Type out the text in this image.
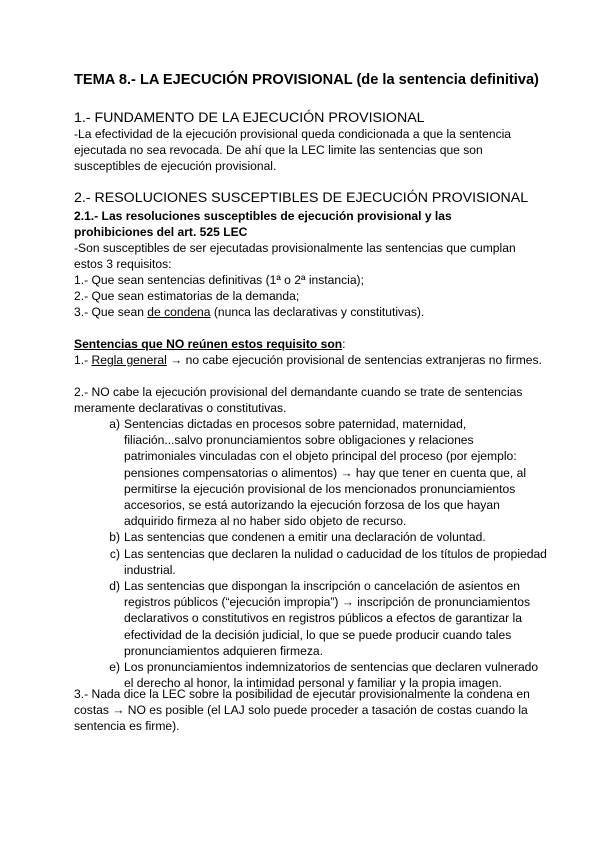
TEMA 8.- LA EJECUCIÓN PROVISIONAL (de la sentencia definitiva)
1.- FUNDAMENTO DE LA EJECUCIÓN PROVISIONAL
-La efectividad de la ejecución provisional queda condicionada a que la sentencia ejecutada no sea revocada. De ahí que la LEC limite las sentencias que son susceptibles de ejecución provisional.
2.- RESOLUCIONES SUSCEPTIBLES DE EJECUCIÓN PROVISIONAL
2.1.- Las resoluciones susceptibles de ejecución provisional y las prohibiciones del art. 525 LEC
-Son susceptibles de ser ejecutadas provisionalmente las sentencias que cumplan estos 3 requisitos:
1.- Que sean sentencias definitivas (1ª o 2ª instancia);
2.- Que sean estimatorias de la demanda;
3.- Que sean de condena (nunca las declarativas y constitutivas).
Sentencias que NO reúnen estos requisito son:
1.- Regla general → no cabe ejecución provisional de sentencias extranjeras no firmes.
2.- NO cabe la ejecución provisional del demandante cuando se trate de sentencias meramente declarativas o constitutivas.
a) Sentencias dictadas en procesos sobre paternidad, maternidad, filiación...salvo pronunciamientos sobre obligaciones y relaciones patrimoniales vinculadas con el objeto principal del proceso (por ejemplo: pensiones compensatorias o alimentos) → hay que tener en cuenta que, al permitirse la ejecución provisional de los mencionados pronunciamientos accesorios, se está autorizando la ejecución forzosa de los que hayan adquirido firmeza al no haber sido objeto de recurso.
b) Las sentencias que condenen a emitir una declaración de voluntad.
c) Las sentencias que declaren la nulidad o caducidad de los títulos de propiedad industrial.
d) Las sentencias que dispongan la inscripción o cancelación de asientos en registros públicos (“ejecución impropia”) → inscripción de pronunciamientos declarativos o constitutivos en registros públicos a efectos de garantizar la efectividad de la decisión judicial, lo que se puede producir cuando tales pronunciamientos adquieren firmeza.
e) Los pronunciamientos indemnizatorios de sentencias que declaren vulnerado el derecho al honor, la intimidad personal y familiar y la propia imagen.
3.- Nada dice la LEC sobre la posibilidad de ejecutar provisionalmente la condena en costas → NO es posible (el LAJ solo puede proceder a tasación de costas cuando la sentencia es firme).
